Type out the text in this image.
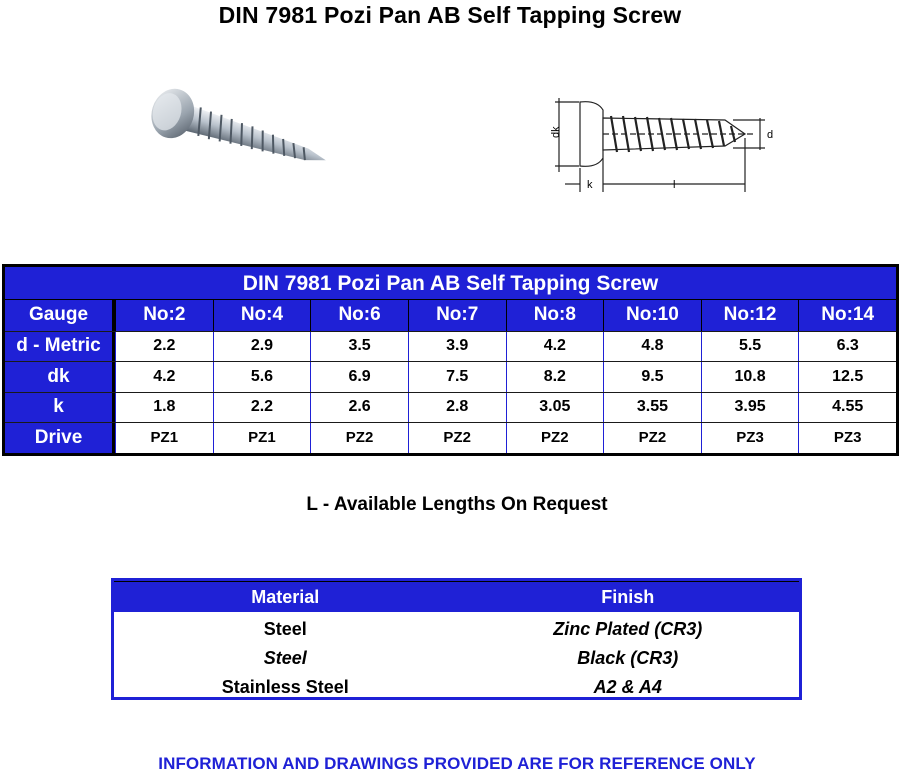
DIN 7981 Pozi Pan AB Self Tapping Screw
dk	d
k	l
DIN 7981 Pozi Pan AB Self Tapping Screw
Gauge	No:2	No:4	No:6	No:7	No:8	No:10	No:12	No:14
d - Metric	2.2	2.9	3.5	3.9	4.2	4.8	5.5	6.3
dk	4.2	5.6	6.9	7.5	8.2	9.5	10.8	12.5
k	1.8	2.2	2.6	2.8	3.05	3.55	3.95	4.55
Drive	PZ1	PZ1	PZ2	PZ2	PZ2	PZ2	PZ3	PZ3
L - Available Lengths On Request
Material	Finish
Steel	Zinc Plated (CR3)
Steel	Black (CR3)
Stainless Steel	A2 & A4
INFORMATION AND DRAWINGS PROVIDED ARE FOR REFERENCE ONLY
